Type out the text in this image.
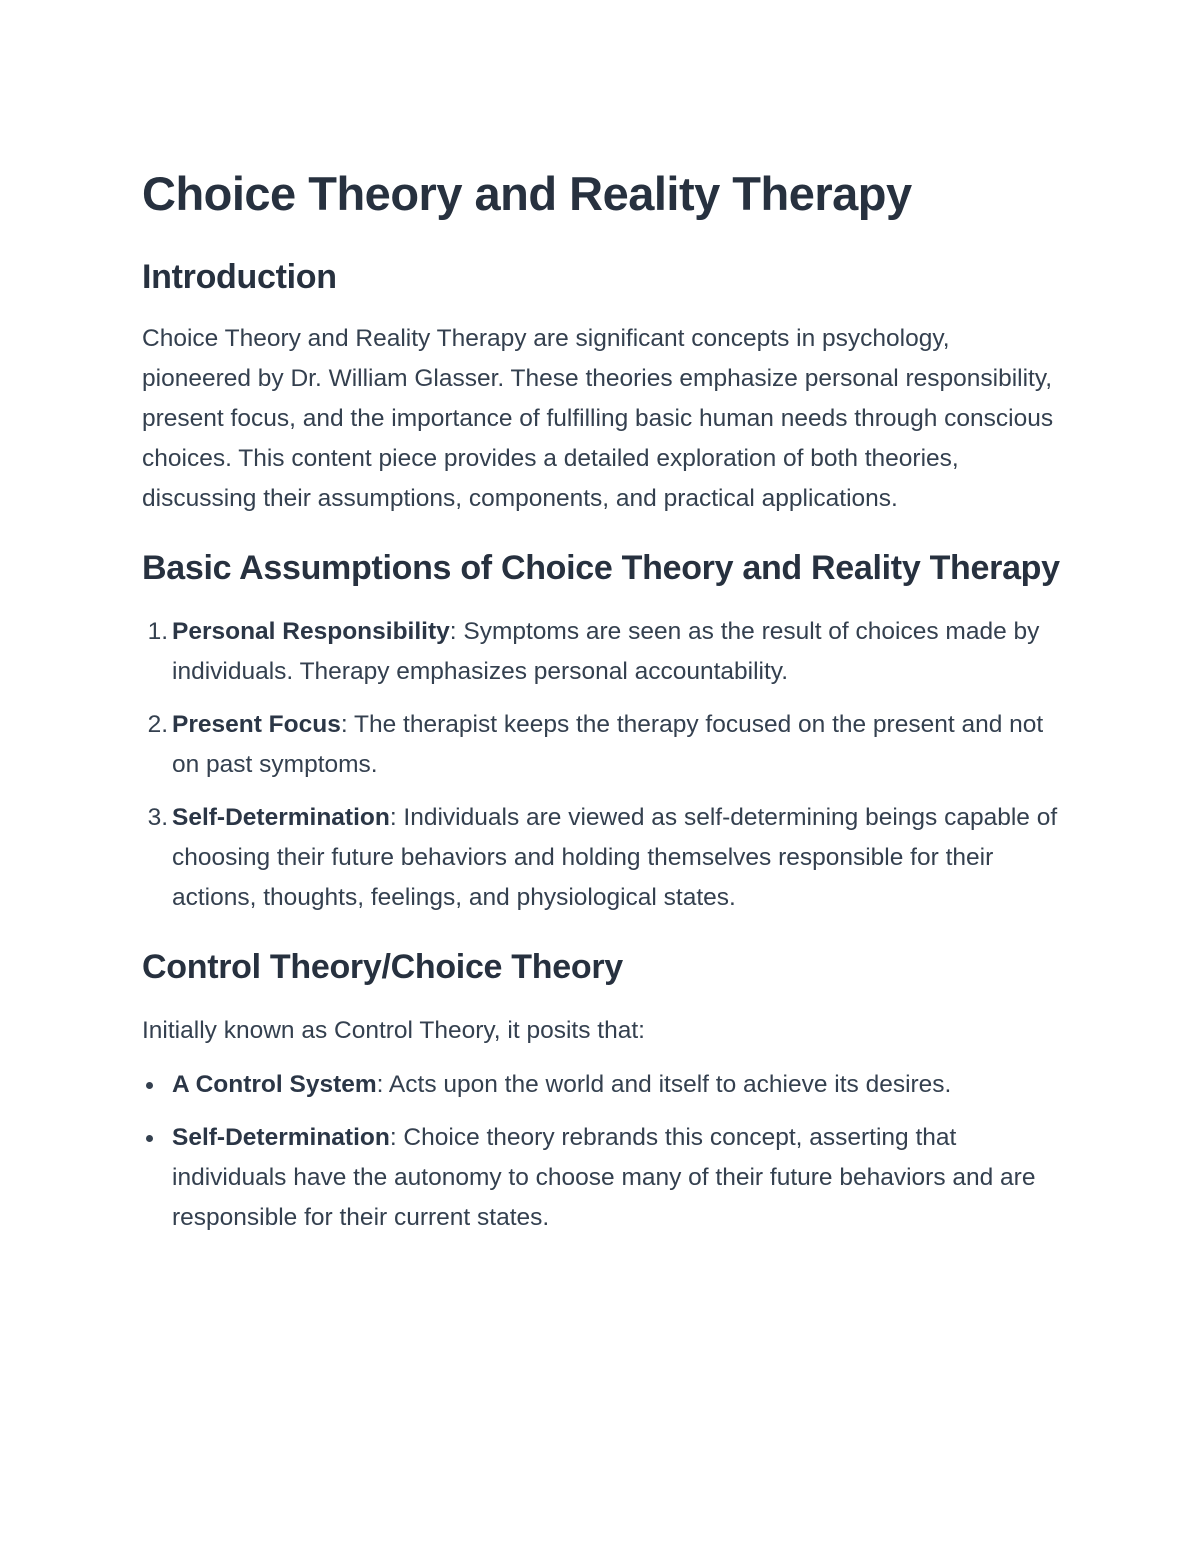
Choice Theory and Reality Therapy
Introduction

Choice Theory and Reality Therapy are significant concepts in psychology, pioneered by Dr. William Glasser. These theories emphasize personal responsibility, present focus, and the importance of fulfilling basic human needs through conscious choices. This content piece provides a detailed exploration of both theories, discussing their assumptions, components, and practical applications.

Basic Assumptions of Choice Theory and Reality Therapy
1. Personal Responsibility: Symptoms are seen as the result of choices made by individuals. Therapy emphasizes personal accountability.
2. Present Focus: The therapist keeps the therapy focused on the present and not on past symptoms.
3. Self-Determination: Individuals are viewed as self-determining beings capable of choosing their future behaviors and holding themselves responsible for their actions, thoughts, feelings, and physiological states.
Control Theory/Choice Theory

Initially known as Control Theory, it posits that:

A Control System: Acts upon the world and itself to achieve its desires.
Self-Determination: Choice theory rebrands this concept, asserting that individuals have the autonomy to choose many of their future behaviors and are responsible for their current states.
